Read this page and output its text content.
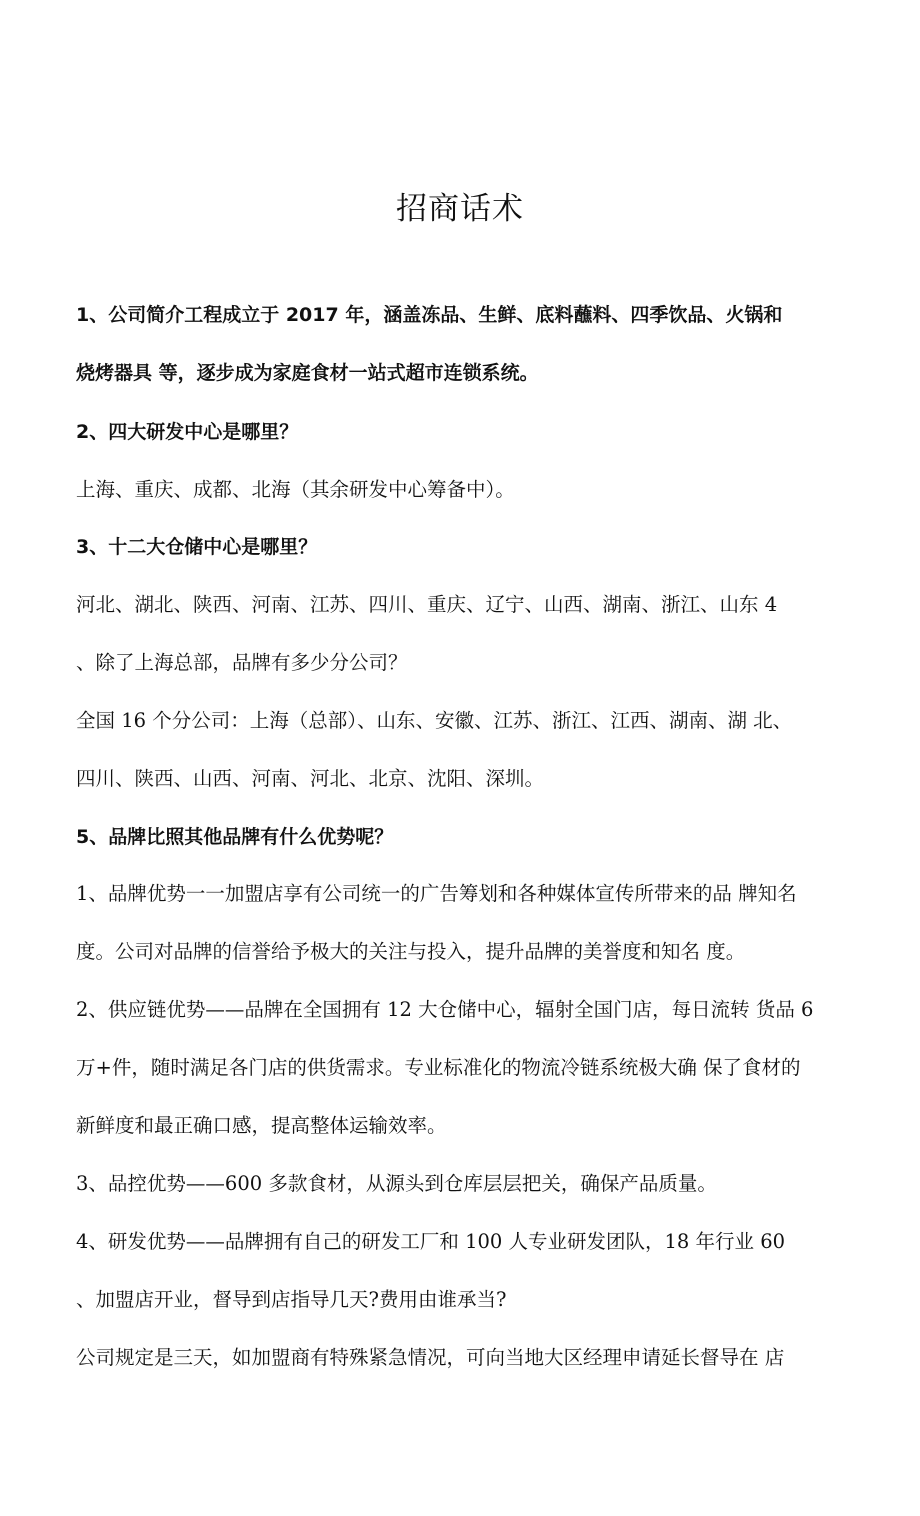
招商话术

1、公司简介工程成立于 2017 年，涵盖冻品、生鲜、底料蘸料、四季饮品、火锅和

烧烤器具 等，逐步成为家庭食材一站式超市连锁系统。

2、四大研发中心是哪里？

上海、重庆、成都、北海（其余研发中心筹备中）。

3、十二大仓储中心是哪里？

河北、湖北、陕西、河南、江苏、四川、重庆、辽宁、山西、湖南、浙江、山东 4

、除了上海总部，品牌有多少分公司？

全国 16 个分公司：上海（总部）、山东、安徽、江苏、浙江、江西、湖南、湖 北、

四川、陕西、山西、河南、河北、北京、沈阳、深圳。

5、品牌比照其他品牌有什么优势呢？

1、品牌优势一一加盟店享有公司统一的广告筹划和各种媒体宣传所带来的品 牌知名

度。公司对品牌的信誉给予极大的关注与投入，提升品牌的美誉度和知名 度。

2、供应链优势——品牌在全国拥有 12 大仓储中心，辐射全国门店，每日流转 货品 6

万+件，随时满足各门店的供货需求。专业标准化的物流冷链系统极大确 保了食材的

新鲜度和最正确口感，提高整体运输效率。

3、品控优势——600 多款食材，从源头到仓库层层把关，确保产品质量。

4、研发优势——品牌拥有自己的研发工厂和 100 人专业研发团队，18 年行业 60

、加盟店开业，督导到店指导几天?费用由谁承当?

公司规定是三天，如加盟商有特殊紧急情况，可向当地大区经理申请延长督导在 店
